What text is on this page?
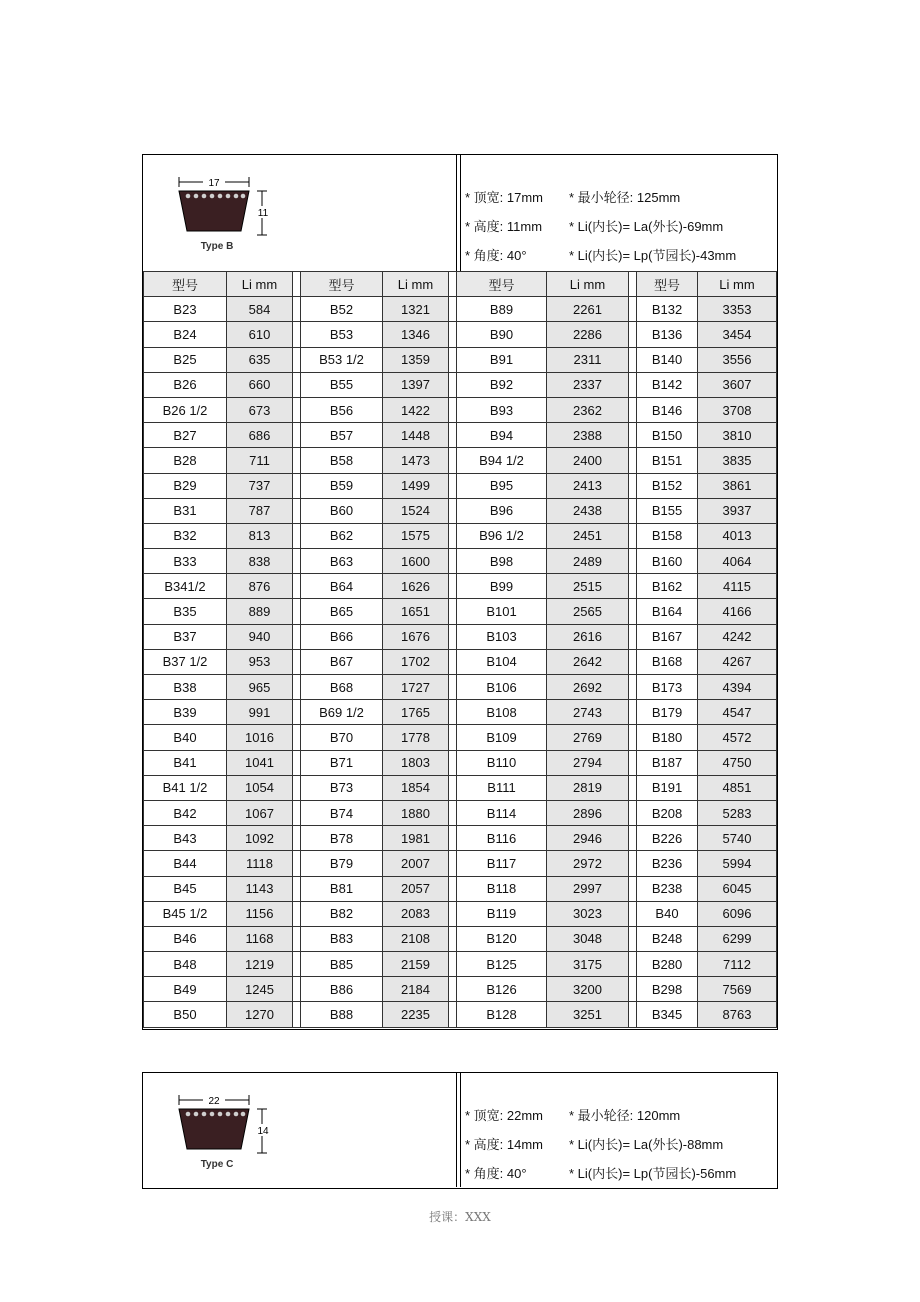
17
11
Type B
* 顶宽: 17mm * 最小轮径: 125mm
* 高度: 11mm * Li(内长)= La(外长)-69mm
* 角度: 40°	* Li(内长)= Lp(节园长)-43mm
型号	Li mm		型号	Li mm		型号	Li mm		型号	Li mm
B23	584		B52	1321		B89	2261		B132	3353
B24	610		B53	1346		B90	2286		B136	3454
B25	635		B53 1/2	1359		B91	2311		B140	3556
B26	660		B55	1397		B92	2337		B142	3607
B26 1/2	673		B56	1422		B93	2362		B146	3708
B27	686		B57	1448		B94	2388		B150	3810
B28	711		B58	1473		B94 1/2	2400		B151	3835
B29	737		B59	1499		B95	2413		B152	3861
B31	787		B60	1524		B96	2438		B155	3937
B32	813		B62	1575		B96 1/2	2451		B158	4013
B33	838		B63	1600		B98	2489		B160	4064
B341/2	876		B64	1626		B99	2515		B162	4115
B35	889		B65	1651		B101	2565		B164	4166
B37	940		B66	1676		B103	2616		B167	4242
B37 1/2	953		B67	1702		B104	2642		B168	4267
B38	965		B68	1727		B106	2692		B173	4394
B39	991		B69 1/2	1765		B108	2743		B179	4547
B40	1016		B70	1778		B109	2769		B180	4572
B41	1041		B71	1803		B110	2794		B187	4750
B41 1/2	1054		B73	1854		B111	2819		B191	4851
B42	1067		B74	1880		B114	2896		B208	5283
B43	1092		B78	1981		B116	2946		B226	5740
B44	1118		B79	2007		B117	2972		B236	5994
B45	1143		B81	2057		B118	2997		B238	6045
B45 1/2	1156		B82	2083		B119	3023		B40	6096
B46	1168		B83	2108		B120	3048		B248	6299
B48	1219		B85	2159		B125	3175		B280	7112
B49	1245		B86	2184		B126	3200		B298	7569
B50	1270		B88	2235		B128	3251		B345	8763
22
14
Type C
* 顶宽: 22mm * 最小轮径: 120mm
* 高度: 14mm * Li(内长)= La(外长)-88mm
* 角度: 40°	* Li(内长)= Lp(节园长)-56mm
授课：XXX
